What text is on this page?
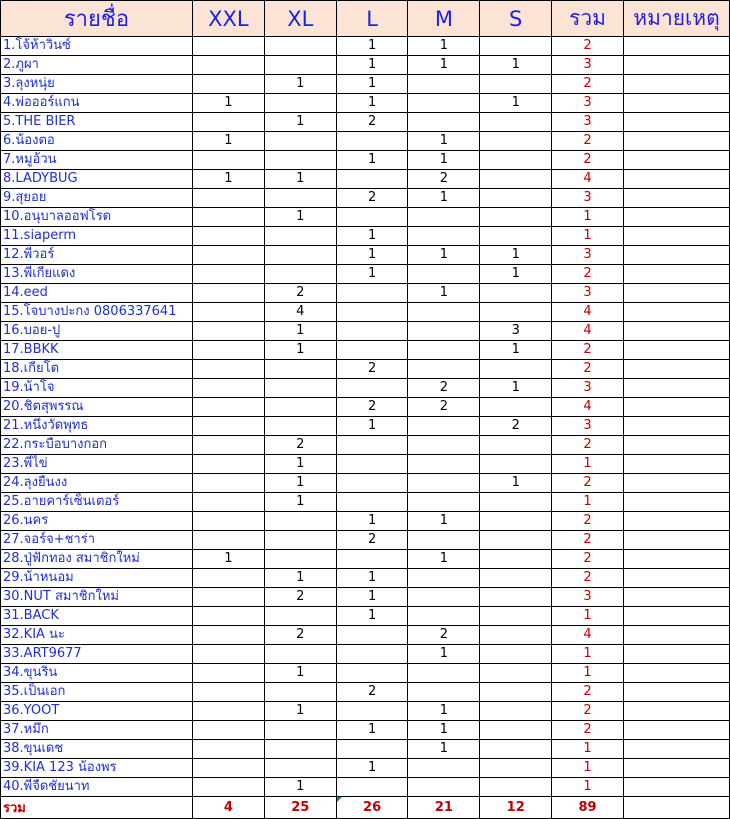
รายชื่อ	XXL	XL	L	M	S	รวม	หมายเหตุ
1.โจ้ห้าวินซ์			1	1		2	
2.ภูผา			1	1	1	3	
3.ลุงหนุ่ย		1	1			2	
4.พ่อออร์แกน	1		1		1	3	
5.THE BIER		1	2			3	
6.น้องตอ	1			1		2	
7.หมูอ้วน			1	1		2	
8.LADYBUG	1	1		2		4	
9.สุยอย			2	1		3	
10.อนุบาลออฟโรด		1				1	
11.siaperm			1			1	
12.พี่วอร์			1	1	1	3	
13.พี่เกียแดง			1		1	2	
14.eed		2		1		3	
15.โจบางปะกง 0806337641		4				4	
16.บอย-ปู		1			3	4	
17.BBKK		1			1	2	
18.เกียโต			2			2	
19.น้าโจ				2	1	3	
20.ชิตสุพรรณ			2	2		4	
21.หนึ่งวัดพุทธ			1		2	3	
22.กระบือบางกอก		2				2	
23.พี่ไข่		1				1	
24.ลุงยืนงง		1			1	2	
25.อายคาร์เซ็นเตอร์		1				1	
26.นคร			1	1		2	
27.จอร์จ+ชาร่า			2			2	
28.ปู่ฟักทอง สมาชิกใหม่	1			1		2	
29.น้าหนอม		1	1			2	
30.NUT สมาชิกใหม่		2	1			3	
31.BACK			1			1	
32.KIA นะ		2		2		4	
33.ART9677				1		1	
34.ขุนริน		1				1	
35.เป็นเอก			2			2	
36.YOOT		1		1		2	
37.หมึก			1	1		2	
38.ขุนเดช				1		1	
39.KIA 123 น้องพร			1			1	
40.พี่จืดชัยนาท		1				1	
รวม	4	25	26	21	12	89	
